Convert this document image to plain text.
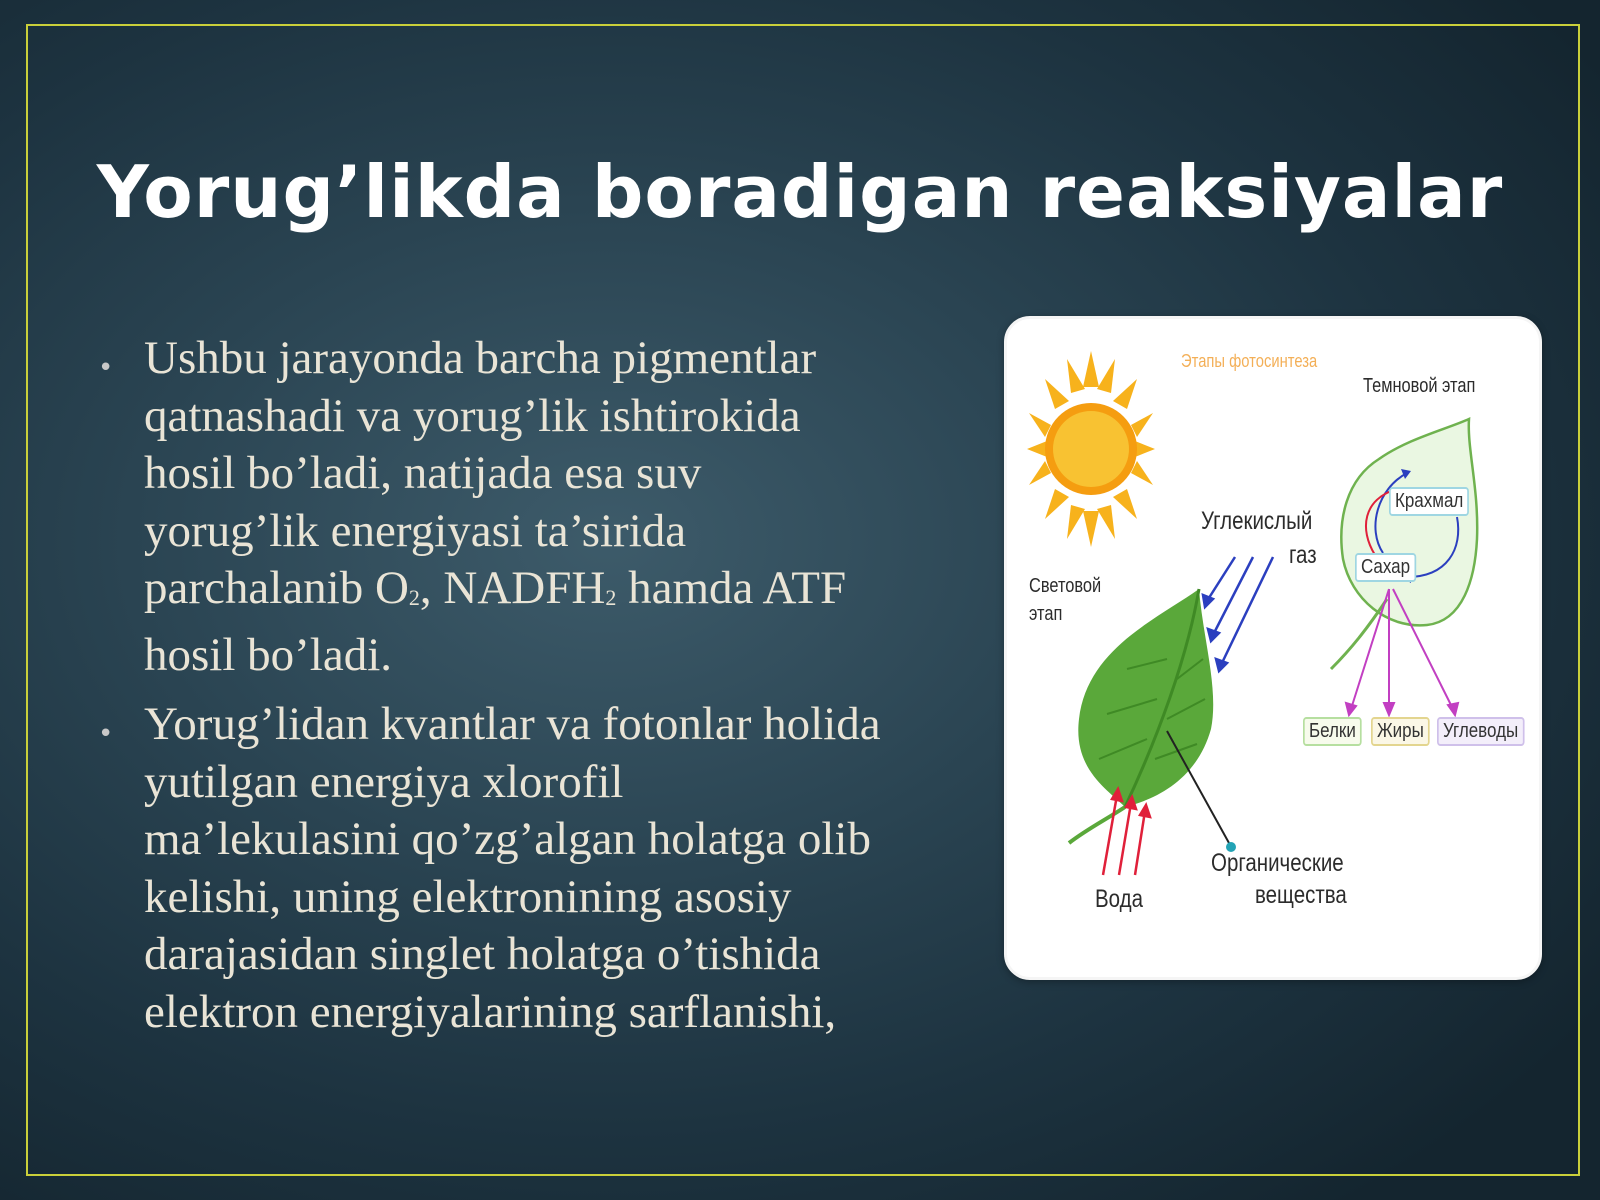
Yorug’likda boradigan reaksiyalar
• Ushbu jarayonda barcha pigmentlar
qatnashadi va yorug’lik ishtirokida
hosil bo’ladi, natijada esa suv
yorug’lik energiyasi ta’sirida
parchalanib $O_2$, $NADFH_2$ hamda ATF
hosil bo’ladi.
• Yorug’lidan kvantlar va fotonlar holida
yutilgan energiya xlorofil
ma’lekulasini qo’zg’algan holatga olib
kelishi, uning elektronining asosiy
darajasidan singlet holatga o’tishida
elektron energiyalarining sarflanishi,
Этапы фотосинтеза
Темновой этап
Световой
этап
Углекислый
газ
Крахмал
Сахар
Белки Жиры Углеводы
Вода
Органические
вещества
